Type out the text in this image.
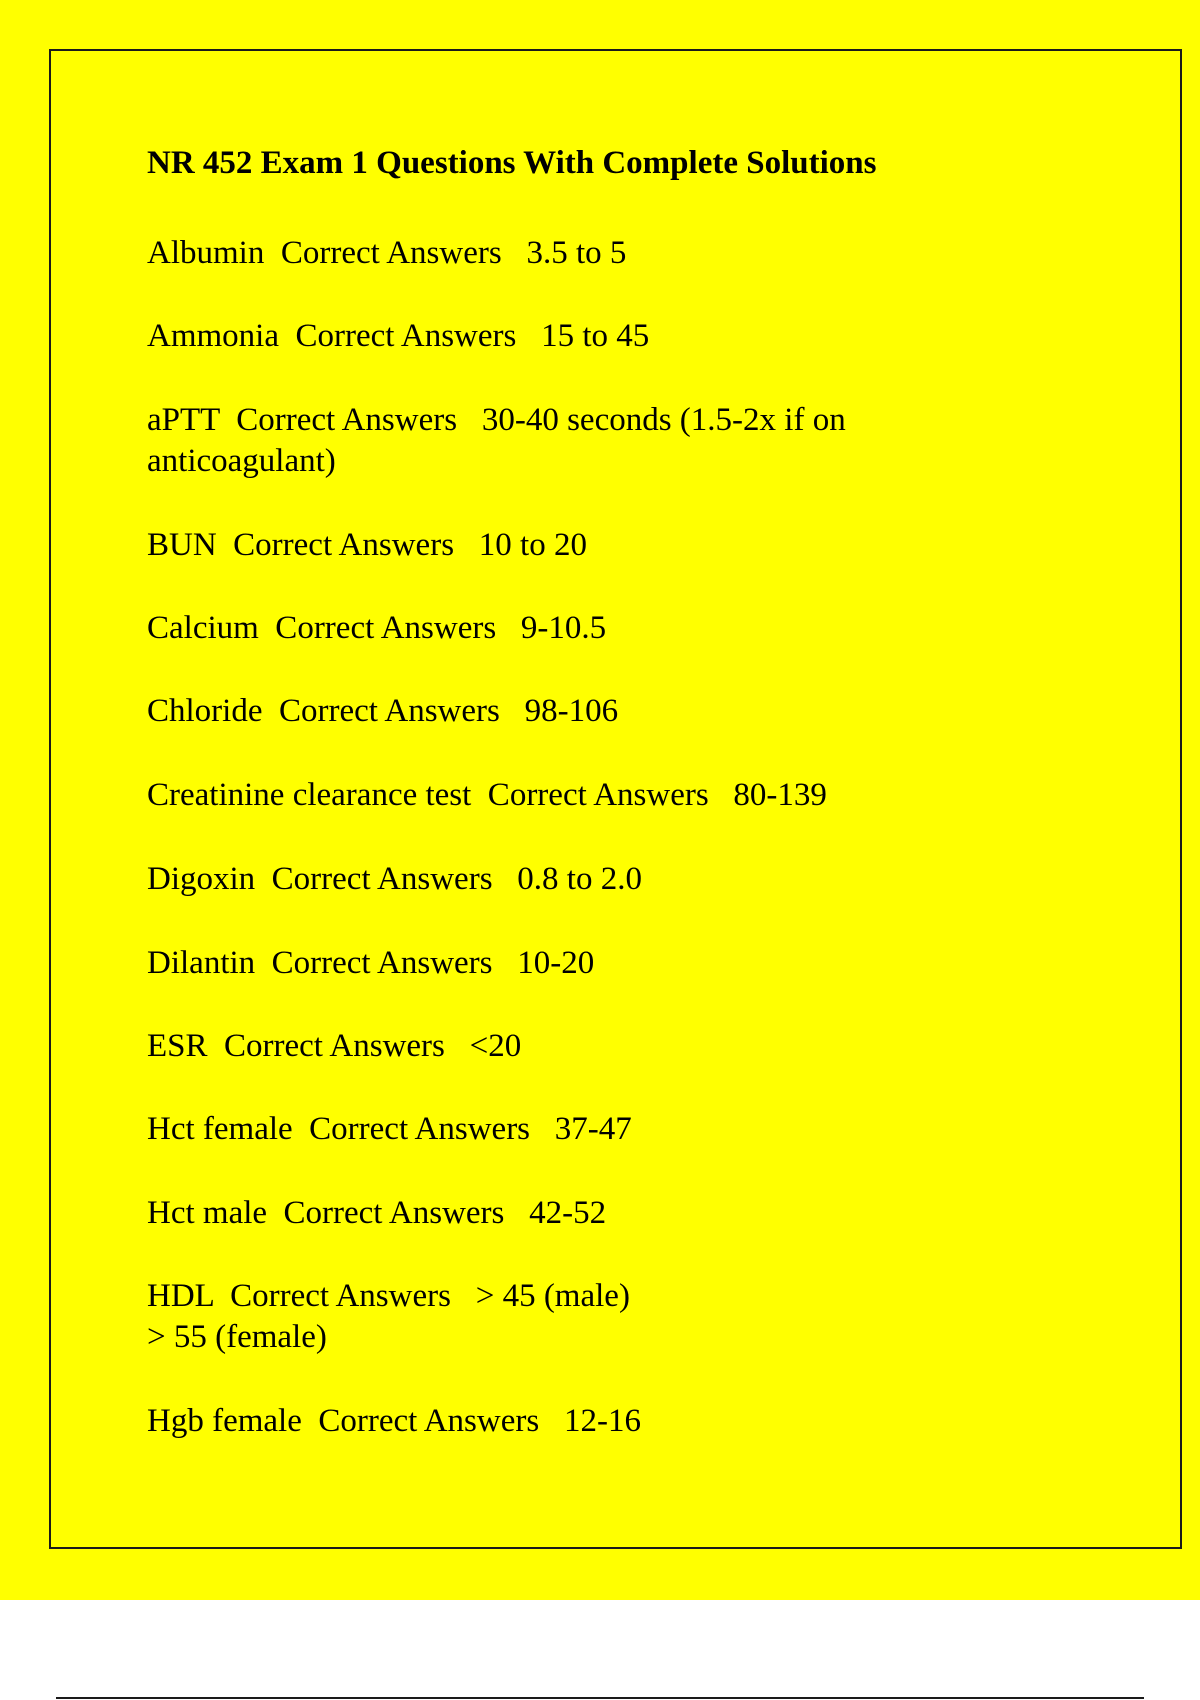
NR 452 Exam 1 Questions With Complete Solutions

Albumin  Correct Answers   3.5 to 5

Ammonia  Correct Answers   15 to 45

aPTT  Correct Answers   30-40 seconds (1.5-2x if on
anticoagulant)

BUN  Correct Answers   10 to 20

Calcium  Correct Answers   9-10.5

Chloride  Correct Answers   98-106

Creatinine clearance test  Correct Answers   80-139

Digoxin  Correct Answers   0.8 to 2.0

Dilantin  Correct Answers   10-20

ESR  Correct Answers   <20

Hct female  Correct Answers   37-47

Hct male  Correct Answers   42-52

HDL  Correct Answers   > 45 (male)
> 55 (female)

Hgb female  Correct Answers   12-16
